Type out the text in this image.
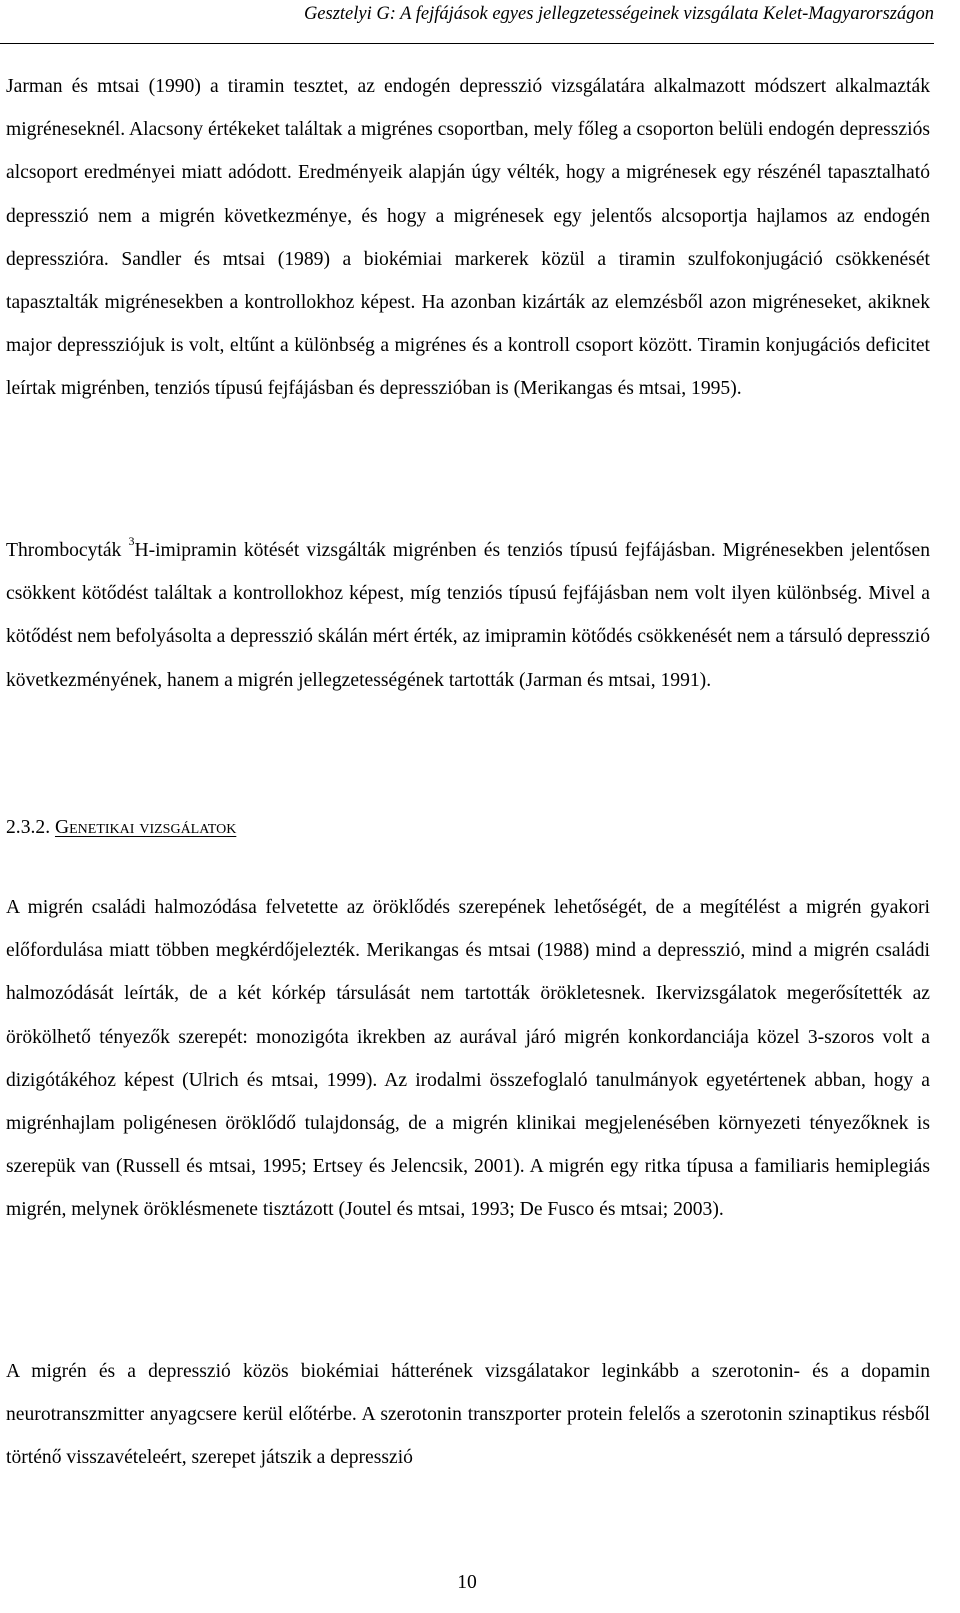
Gesztelyi G: A fejfájások egyes jellegzetességeinek vizsgálata Kelet-Magyarországon

Jarman és mtsai (1990) a tiramin tesztet, az endogén depresszió vizsgálatára alkalmazott módszert alkalmazták migréneseknél. Alacsony értékeket találtak a migrénes csoportban, mely főleg a csoporton belüli endogén depressziós alcsoport eredményei miatt adódott. Eredményeik alapján úgy vélték, hogy a migrénesek egy részénél tapasztalható depresszió nem a migrén következménye, és hogy a migrénesek egy jelentős alcsoportja hajlamos az endogén depresszióra. Sandler és mtsai (1989) a biokémiai markerek közül a tiramin szulfokonjugáció csökkenését tapasztalták migrénesekben a kontrollokhoz képest. Ha azonban kizárták az elemzésből azon migréneseket, akiknek major depressziójuk is volt, eltűnt a különbség a migrénes és a kontroll csoport között. Tiramin konjugációs deficitet leírtak migrénben, tenziós típusú fejfájásban és depresszióban is (Merikangas és mtsai, 1995).

Thrombocyták $^3$H-imipramin kötését vizsgálták migrénben és tenziós típusú fejfájásban. Migrénesekben jelentősen csökkent kötődést találtak a kontrollokhoz képest, míg tenziós típusú fejfájásban nem volt ilyen különbség. Mivel a kötődést nem befolyásolta a depresszió skálán mért érték, az imipramin kötődés csökkenését nem a társuló depresszió következményének, hanem a migrén jellegzetességének tartották (Jarman és mtsai, 1991).

2.3.2. Genetikai vizsgálatok

A migrén családi halmozódása felvetette az öröklődés szerepének lehetőségét, de a megítélést a migrén gyakori előfordulása miatt többen megkérdőjelezték. Merikangas és mtsai (1988) mind a depresszió, mind a migrén családi halmozódását leírták, de a két kórkép társulását nem tartották örökletesnek. Ikervizsgálatok megerősítették az örökölhető tényezők szerepét: monozigóta ikrekben az aurával járó migrén konkordanciája közel 3-szoros volt a dizigótákéhoz képest (Ulrich és mtsai, 1999). Az irodalmi összefoglaló tanulmányok egyetértenek abban, hogy a migrénhajlam poligénesen öröklődő tulajdonság, de a migrén klinikai megjelenésében környezeti tényezőknek is szerepük van (Russell és mtsai, 1995; Ertsey és Jelencsik, 2001). A migrén egy ritka típusa a familiaris hemiplegiás migrén, melynek öröklésmenete tisztázott (Joutel és mtsai, 1993; De Fusco és mtsai; 2003).

A migrén és a depresszió közös biokémiai hátterének vizsgálatakor leginkább a szerotonin- és a dopamin neurotranszmitter anyagcsere kerül előtérbe. A szerotonin transzporter protein felelős a szerotonin szinaptikus résből történő visszavételeért, szerepet játszik a depresszió

10
